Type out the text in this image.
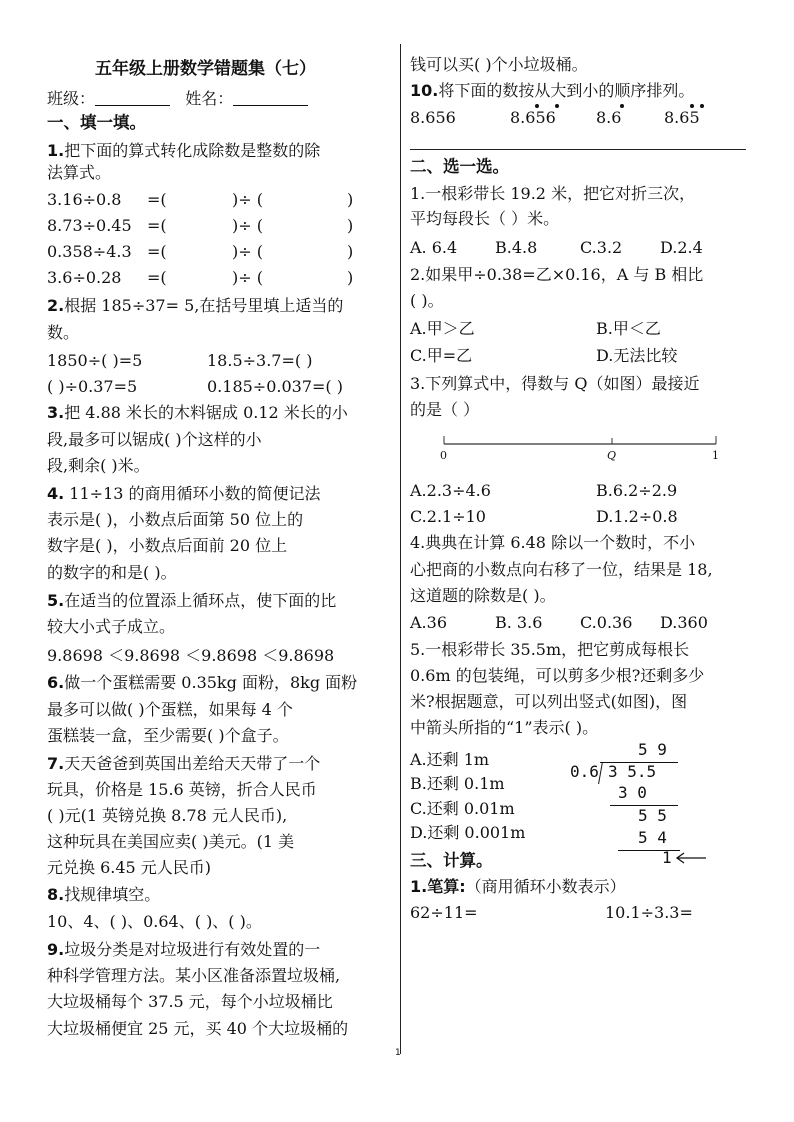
一、填一填。
1.把下面的算式转化成除数是整数的除
法算式。
3.16÷0.8 =(	)÷ (	)
8.73÷0.45 =(	)÷ (	)
0.358÷4.3 =(	)÷ (	)
3.6÷0.28 =(	)÷ (	)
2.根据 185÷37= 5,在括号里填上适当的
数。
1850÷( )=5	18.5÷3.7=( )
( )÷0.37=5	0.185÷0.037=( )
3.把 4.88 米长的木料锯成 0.12 米长的小
段,最多可以锯成( )个这样的小
段,剩余( )米。
4. 11÷13 的商用循环小数的简便记法
表示是( )，小数点后面第 50 位上的
数字是( )，小数点后面前 20 位上
的数字的和是( )。
5.在适当的位置添上循环点，使下面的比
较大小式子成立。
9.8698 ＜9.8698 ＜9.8698 ＜9.8698
6.做一个蛋糕需要 0.35kg 面粉，8kg 面粉
最多可以做( )个蛋糕，如果每 4 个
蛋糕装一盒，至少需要( )个盒子。
7.天天爸爸到英国出差给天天带了一个
玩具，价格是 15.6 英镑，折合人民币
( )元(1 英镑兑换 8.78 元人民币),
这种玩具在美国应卖( )美元。(1 美
元兑换 6.45 元人民币)
8.找规律填空。
10、4、( )、0.64、( )、( )。
9.垃圾分类是对垃圾进行有效处置的一
种科学管理方法。某小区准备添置垃圾桶,
大垃圾桶每个 37.5 元，每个小垃圾桶比
大垃圾桶便宜 25 元，买 40 个大垃圾桶的
钱可以买( )个小垃圾桶。
10.将下面的数按从大到小的顺序排列。
8.656	8.656	8.6	8.65
二、选一选。
1.一根彩带长 19.2 米，把它对折三次，
平均每段长（ ）米。
A. 6.4 B.4.8	C.3.2 D.2.4
2.如果甲÷0.38=乙×0.16，A 与 B 相比
( )。
A.甲＞乙	B.甲＜乙
C.甲=乙	D.无法比较
3.下列算式中，得数与 Q（如图）最接近
的是（ ）
0	Q	1
A.2.3÷4.6	B.6.2÷2.9
C.2.1÷10	D.1.2÷0.8
4.典典在计算 6.48 除以一个数时，不小
心把商的小数点向右移了一位，结果是 18,
这道题的除数是( )。
A.36	B. 3.6 C.0.36 D.360
5.一根彩带长 35.5m，把它剪成每根长
0.6m 的包装绳，可以剪多少根?还剩多少
米?根据题意，可以列出竖式(如图)，图
中箭头所指的“1”表示( )。
A.还剩 1m
B.还剩 0.1m
C.还剩 0.01m
D.还剩 0.001m
三、计算。
1.笔算:（商用循环小数表示）
62÷11=	10.1÷3.3=
5 9
0.6 3 5.5
3 0
5 5
5 4
1
1
五年级上册数学错题集（七）
班级：	姓名：
